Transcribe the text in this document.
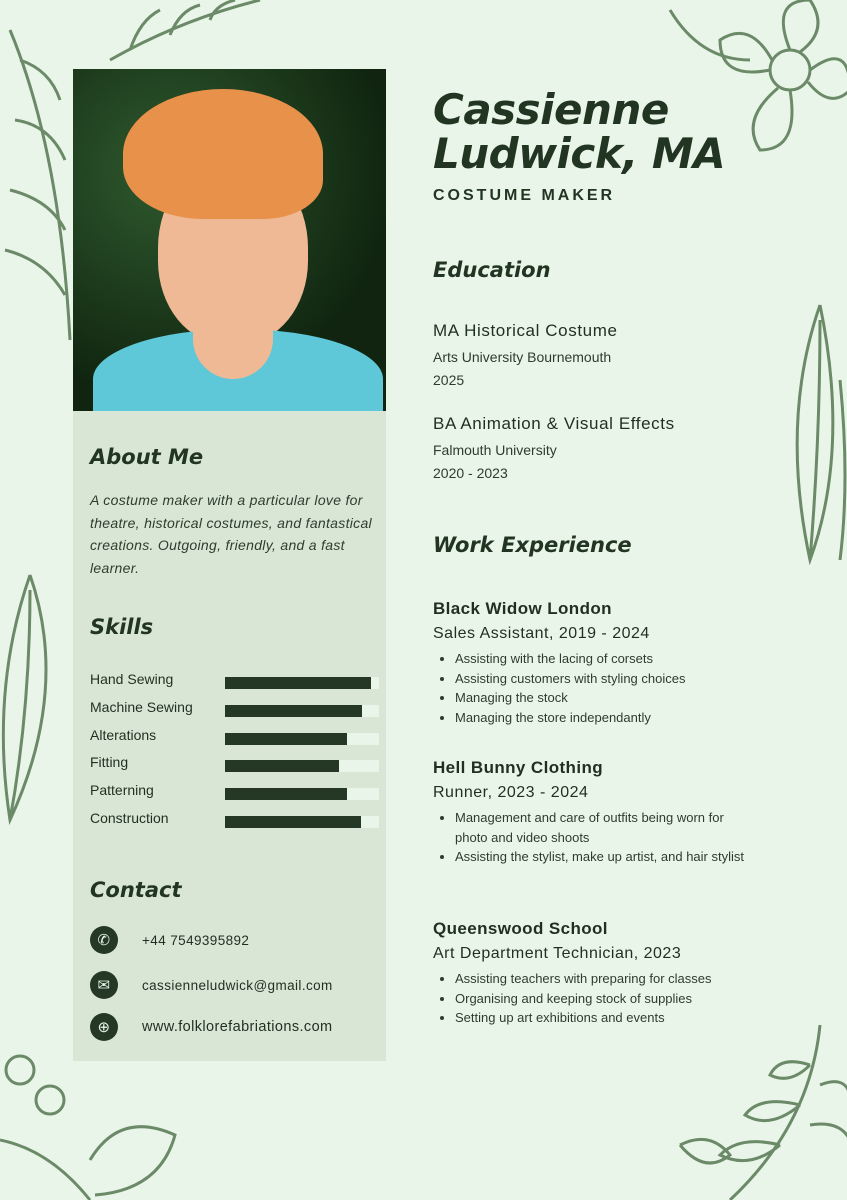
About Me
A costume maker with a particular love for theatre, historical costumes, and fantastical creations. Outgoing, friendly, and a fast learner.
Skills
Hand Sewing
Machine Sewing
Alterations
Fitting
Patterning
Construction
Contact
✆	+44 7549395892
✉	cassienneludwick@gmail.com
⊕	www.folklorefabriations.com
Cassienne
Ludwick, MA
COSTUME MAKER
Education
MA Historical Costume
Arts University Bournemouth
2025
BA Animation & Visual Effects
Falmouth University
2020 - 2023
Work Experience
Black Widow London
Sales Assistant, 2019 - 2024
• Assisting with the lacing of corsets
• Assisting customers with styling choices
• Managing the stock
• Managing the store independantly
Hell Bunny Clothing
Runner, 2023 - 2024
• Management and care of outfits being worn for photo and video shoots
• Assisting the stylist, make up artist, and hair stylist
Queenswood School
Art Department Technician, 2023
• Assisting teachers with preparing for classes
• Organising and keeping stock of supplies
• Setting up art exhibitions and events
